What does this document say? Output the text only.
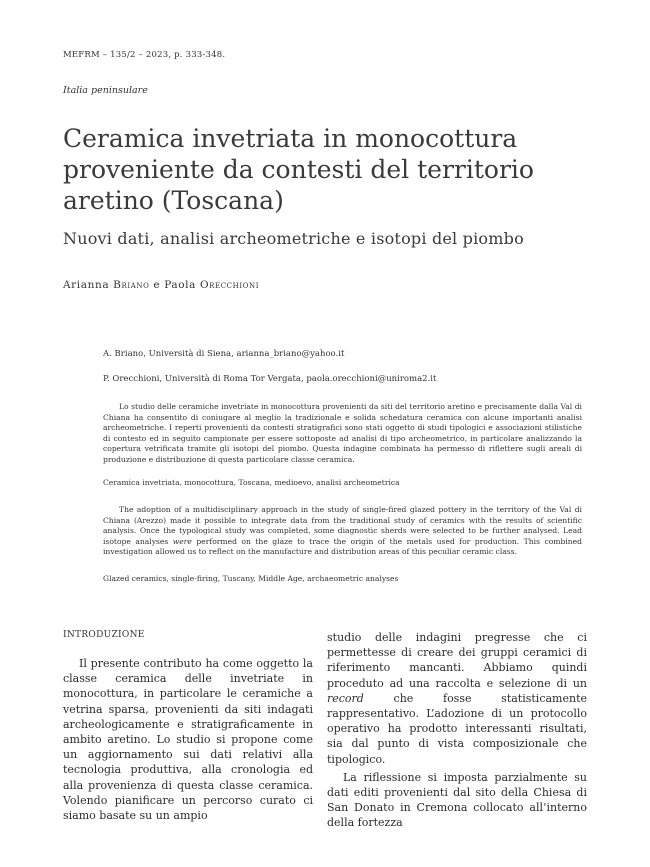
MEFRM – 135/2 – 2023, p. 333-348.
Italia peninsulare
Ceramica invetriata in monocottura proveniente da contesti del territorio aretino (Toscana)
Nuovi dati, analisi archeometriche e isotopi del piombo
Arianna Briano e Paola Orecchioni
A. Briano, Università di Siena, arianna_briano@yahoo.it
P. Orecchioni, Università di Roma Tor Vergata, paola.orecchioni@uniroma2.it
Lo studio delle ceramiche invetriate in monocottura provenienti da siti del territorio aretino e precisamente dalla Val di Chiana ha consentito di coniugare al meglio la tradizionale e solida schedatura ceramica con alcune importanti analisi archeometriche. I reperti provenienti da contesti stratigrafici sono stati oggetto di studi tipologici e associazioni stilistiche di contesto ed in seguito campionate per essere sottoposte ad analisi di tipo archeometrico, in particolare analizzando la copertura vetrificata tramite gli isotopi del piombo. Questa indagine combinata ha permesso di riflettere sugli areali di produzione e distribuzione di questa particolare classe ceramica.
Ceramica invetriata, monocottura, Toscana, medioevo, analisi archeometrica
The adoption of a multidisciplinary approach in the study of single-fired glazed pottery in the territory of the Val di Chiana (Arezzo) made it possible to integrate data from the traditional study of ceramics with the results of scientific analysis. Once the typological study was completed, some diagnostic sherds were selected to be further analysed. Lead isotope analyses were performed on the glaze to trace the origin of the metals used for production. This combined investigation allowed us to reflect on the manufacture and distribution areas of this peculiar ceramic class.
Glazed ceramics, single-firing, Tuscany, Middle Age, archaeometric analyses
INTRODUZIONE

Il presente contributo ha come oggetto la classe ceramica delle invetriate in monocottura, in particolare le ceramiche a vetrina sparsa, provenienti da siti indagati archeologicamente e stratigraficamente in ambito aretino. Lo studio si propone come un aggiornamento sui dati relativi alla tecnologia produttiva, alla cronologia ed alla provenienza di questa classe ceramica. Volendo pianificare un percorso curato ci siamo basate su un ampio

studio delle indagini pregresse che ci permettesse di creare dei gruppi ceramici di riferimento mancanti. Abbiamo quindi proceduto ad una raccolta e selezione di un record che fosse statisticamente rappresentativo. L’adozione di un protocollo operativo ha prodotto interessanti risultati, sia dal punto di vista composizionale che tipologico.

La riflessione si imposta parzialmente su dati editi provenienti dal sito della Chiesa di San Donato in Cremona collocato all’interno della fortezza
